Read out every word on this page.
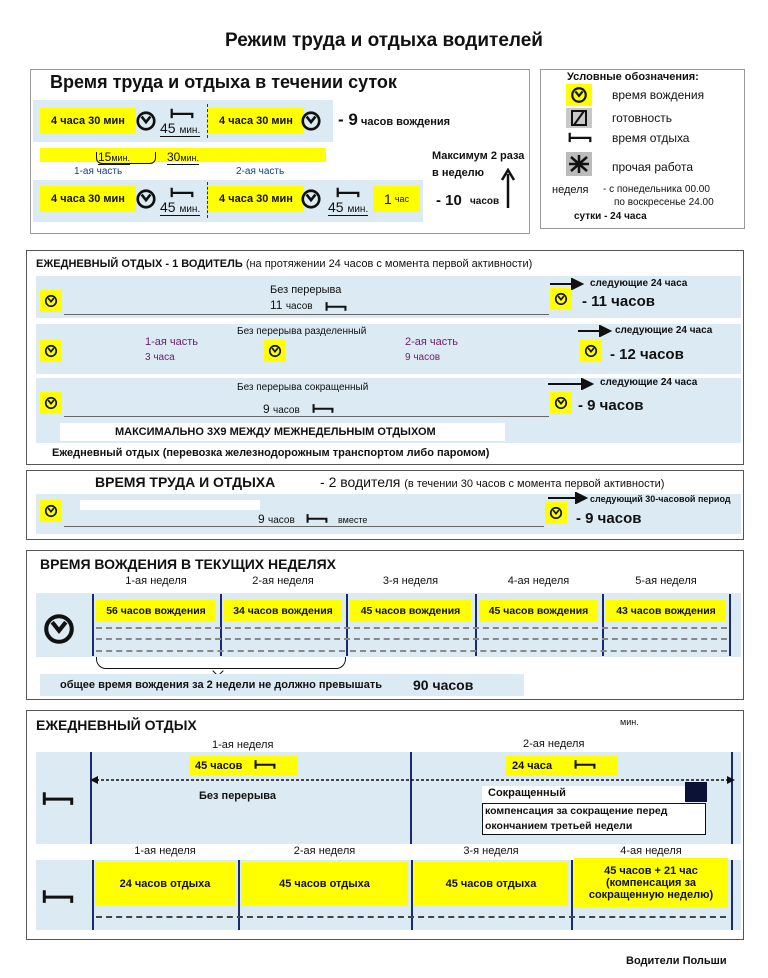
Режим труда и отдыха водителей
Время труда и отдыха в течении суток
4 часа 30 мин	45 мин.
4 часа 30 мин	- 9 часов вождения
15мин.	30мин.
1-ая часть	2-ая часть
4 часа 30 мин	45 мин.
4 часа 30 мин	45 мин.
1
час
Максимум 2 раза
в неделю
- 10 часов
Условные обозначения:
время вождения
готовность
время отдыха
прочая работа
неделя - с понедельника 00.00
по воскресенье 24.00
сутки - 24 часа
ЕЖЕДНЕВНЫЙ ОТДЫХ - 1 ВОДИТЕЛЬ (на протяжении 24 часов с момента первой активности)
Без перерыва
11 часов
следующие 24 часа
- 11 часов
Без перерыва разделенный
1-ая часть
3 часа
2-ая часть
9 часов
следующие 24 часа
- 12 часов
Без перерыва сокращенный
9 часов
следующие 24 часа
- 9 часов
МАКСИМАЛЬНО 3X9 МЕЖДУ МЕЖНЕДЕЛЬНЫМ ОТДЫХОМ
Ежедневный отдых (перевозка железнодорожным транспортом либо паромом)
ВРЕМЯ ТРУДА И ОТДЫХА	- 2 водителя (в течении 30 часов с момента первой активности)
9 часов	вместе
следующий 30-часовой период
- 9 часов
ВРЕМЯ ВОЖДЕНИЯ В ТЕКУЩИХ НЕДЕЛЯХ
1-ая неделя
56 часов вождения
2-ая неделя
34 часов вождения
3-я неделя
45 часов вождения
4-ая неделя
45 часов вождения
5-ая неделя
43 часов вождения
общее время вождения за 2 недели не должно превышать 90 часов
ЕЖЕДНЕВНЫЙ ОТДЫХ	мин.
1-ая неделя	2-ая неделя
45 часов	24 часа
Без перерыва	Сокращенный
компенсация за сокращение перед
окончанием третьей недели
1-ая неделя
24 часов отдыха
2-ая неделя
45 часов отдыха
3-я неделя
45 часов отдыха
4-ая неделя
45 часов + 21 час
(компенсация за
сокращенную неделю)
Водители Польши
